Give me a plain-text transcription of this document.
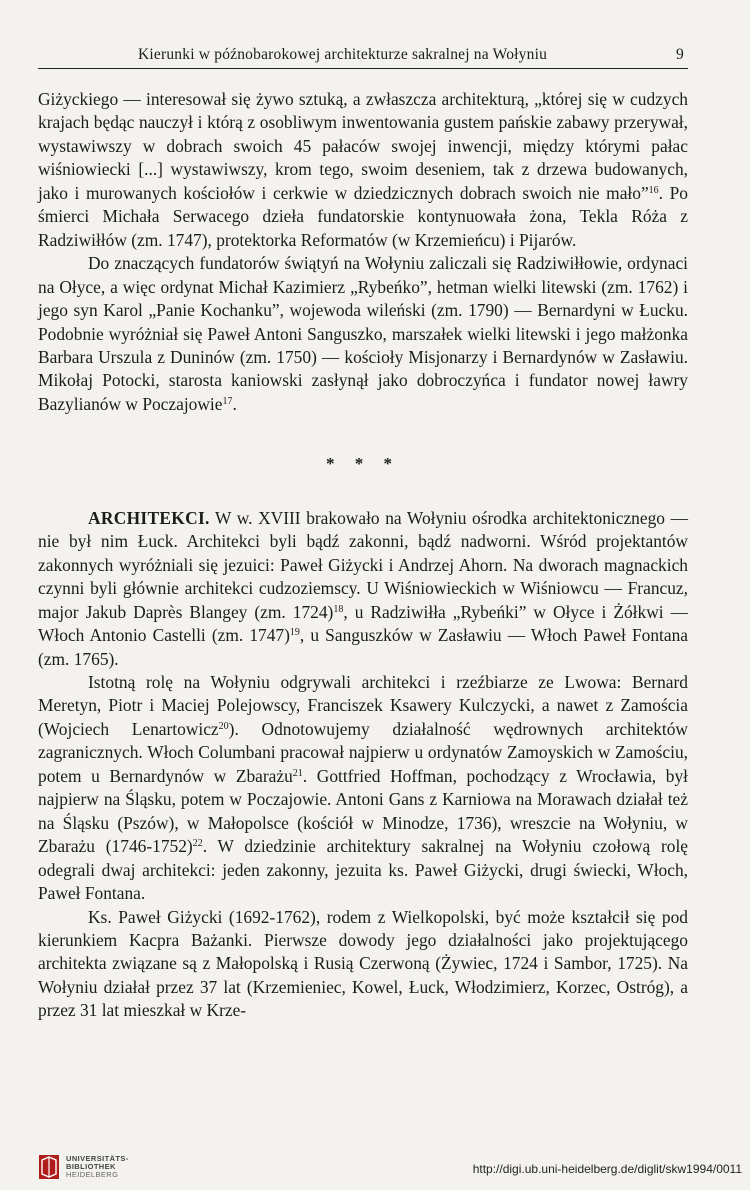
Kierunki w późnobarokowej architekturze sakralnej na Wołyniu	9

Giżyckiego — interesował się żywo sztuką, a zwłaszcza architekturą, „której się w cudzych krajach będąc nauczył i którą z osobliwym inwentowania gustem pańskie zabawy przerywał, wystawiwszy w dobrach swoich 45 pałaców swojej inwencji, między którymi pałac wiśniowiecki [...] wystawiwszy, krom tego, swoim deseniem, tak z drzewa budowanych, jako i murowanych kościołów i cerkwie w dziedzicznych dobrach swoich nie mało”$^{16}$. Po śmierci Michała Serwacego dzieła fundatorskie kontynuowała żona, Tekla Róża z Radziwiłłów (zm. 1747), protektorka Reformatów (w Krzemieńcu) i Pijarów.

Do znaczących fundatorów świątyń na Wołyniu zaliczali się Radziwiłłowie, ordynaci na Ołyce, a więc ordynat Michał Kazimierz „Rybeńko”, hetman wielki litewski (zm. 1762) i jego syn Karol „Panie Kochanku”, wojewoda wileński (zm. 1790) — Bernardyni w Łucku. Podobnie wyróżniał się Paweł Antoni Sanguszko, marszałek wielki litewski i jego małżonka Barbara Urszula z Duninów (zm. 1750) — kościoły Misjonarzy i Bernardynów w Zasławiu. Mikołaj Potocki, starosta kaniowski zasłynął jako dobroczyńca i fundator nowej ławry Bazylianów w Poczajowie$^{17}$.

* * *

ARCHITEKCI. W w. XVIII brakowało na Wołyniu ośrodka architektonicznego — nie był nim Łuck. Architekci byli bądź zakonni, bądź nadworni. Wśród projektantów zakonnych wyróżniali się jezuici: Paweł Giżycki i Andrzej Ahorn. Na dworach magnackich czynni byli głównie architekci cudzoziemscy. U Wiśniowieckich w Wiśniowcu — Francuz, major Jakub Daprès Blangey (zm. 1724)$^{18}$, u Radziwiłła „Rybeńki” w Ołyce i Żółkwi — Włoch Antonio Castelli (zm. 1747)$^{19}$, u Sanguszków w Zasławiu — Włoch Paweł Fontana (zm. 1765).

Istotną rolę na Wołyniu odgrywali architekci i rzeźbiarze ze Lwowa: Bernard Meretyn, Piotr i Maciej Polejowscy, Franciszek Ksawery Kulczycki, a nawet z Zamościa (Wojciech Lenartowicz$^{20}$). Odnotowujemy działalność wędrownych architektów zagranicznych. Włoch Columbani pracował najpierw u ordynatów Zamoyskich w Zamościu, potem u Bernardynów w Zbarażu$^{21}$. Gottfried Hoffman, pochodzący z Wrocławia, był najpierw na Śląsku, potem w Poczajowie. Antoni Gans z Karniowa na Morawach działał też na Śląsku (Pszów), w Małopolsce (kościół w Minodze, 1736), wreszcie na Wołyniu, w Zbarażu (1746-1752)$^{22}$. W dziedzinie architektury sakralnej na Wołyniu czołową rolę odegrali dwaj architekci: jeden zakonny, jezuita ks. Paweł Giżycki, drugi świecki, Włoch, Paweł Fontana.

Ks. Paweł Giżycki (1692-1762), rodem z Wielkopolski, być może kształcił się pod kierunkiem Kacpra Bażanki. Pierwsze dowody jego działalności jako projektującego architekta związane są z Małopolską i Rusią Czerwoną (Żywiec, 1724 i Sambor, 1725). Na Wołyniu działał przez 37 lat (Krzemieniec, Kowel, Łuck, Włodzimierz, Korzec, Ostróg), a przez 31 lat mieszkał w Krze-

UNIVERSITÄTS-
BIBLIOTHEK
HEIDELBERG	http://digi.ub.uni-heidelberg.de/diglit/skw1994/0011
